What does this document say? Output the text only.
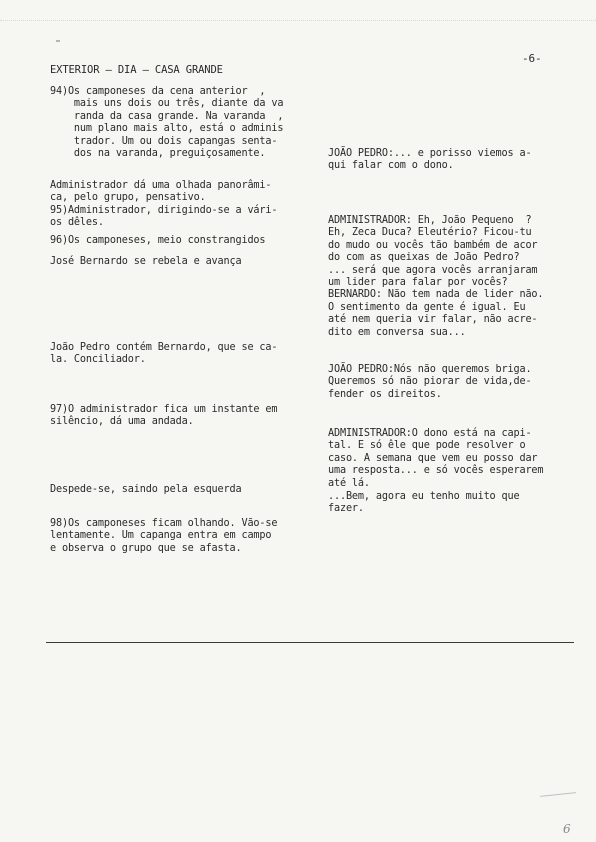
EXTERIOR – DIA – CASA GRANDE

-6-

94)Os camponeses da cena anterior  ,
mais uns dois ou três, diante da va
randa da casa grande. Na varanda  ,
num plano mais alto, está o adminis
trador. Um ou dois capangas senta-
dos na varanda, preguiçosamente.

Administrador dá uma olhada panorâmi-
ca, pelo grupo, pensativo.
95)Administrador, dirigindo-se a vári-
os dêles.

96)Os camponeses, meio constrangidos

José Bernardo se rebela e avança

João Pedro contém Bernardo, que se ca-
la. Conciliador.

97)O administrador fica um instante em
silêncio, dá uma andada.

Despede-se, saindo pela esquerda

98)Os camponeses ficam olhando. Vão-se
lentamente. Um capanga entra em campo
e observa o grupo que se afasta.

JOÃO PEDRO:... e porisso viemos a-
qui falar com o dono.

ADMINISTRADOR: Eh, João Pequeno  ?
Eh, Zeca Duca? Eleutério? Ficou-tu
do mudo ou vocês tão bambém de acor
do com as queixas de João Pedro?
... será que agora vocês arranjaram
um lider para falar por vocês?
BERNARDO: Não tem nada de lider não.
O sentimento da gente é igual. Eu
até nem queria vir falar, não acre-
dito em conversa sua...

JOÃO PEDRO:Nós não queremos briga.
Queremos só não piorar de vida,de-
fender os direitos.

ADMINISTRADOR:O dono está na capi-
tal. E só êle que pode resolver o
caso. A semana que vem eu posso dar
uma resposta... e só vocês esperarem
até lá.

...Bem, agora eu tenho muito que
fazer.

6
